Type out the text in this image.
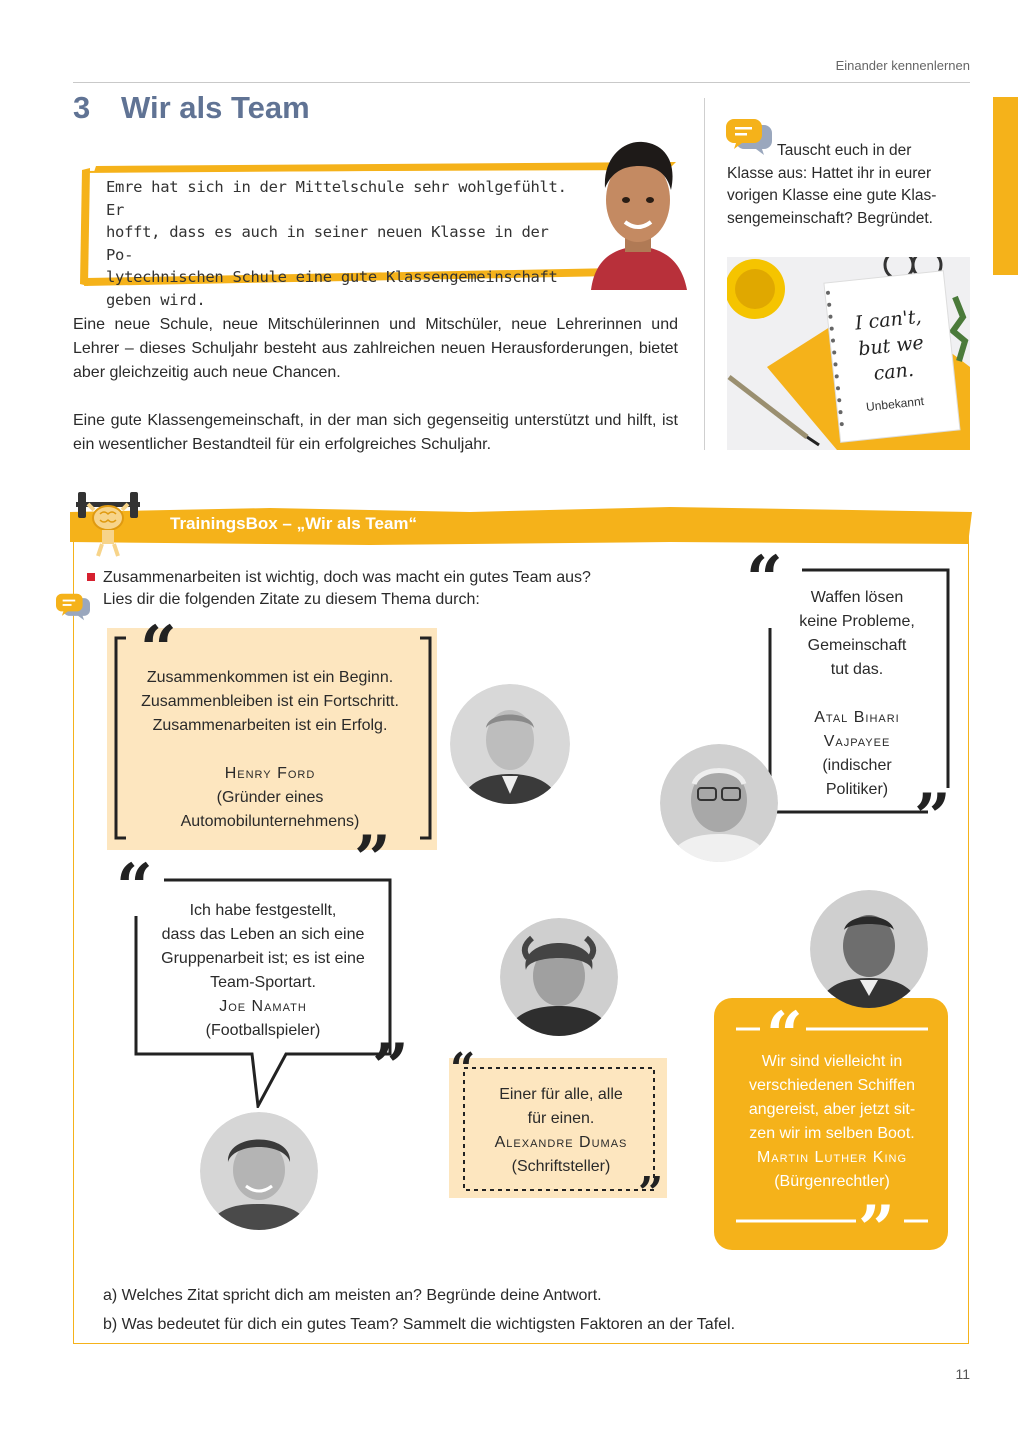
Einander kennenlernen
3 Wir als Team
Emre hat sich in der Mittelschule sehr wohlgefühlt. Er
hofft, dass es auch in seiner neuen Klasse in der Po-
lytechnischen Schule eine gute Klassengemeinschaft
geben wird.
Eine neue Schule, neue Mitschülerinnen und Mitschüler, neue Lehrerinnen und Lehrer – dieses Schuljahr besteht aus zahlreichen neuen Herausforderungen, bietet aber gleichzeitig auch neue Chancen.
Eine gute Klassengemeinschaft, in der man sich gegenseitig unterstützt und hilft, ist ein wesentlicher Bestandteil für ein erfolgreiches Schuljahr.
Tauscht euch in der
Klasse aus: Hattet ihr in eurer
vorigen Klasse eine gute Klas-
sengemeinschaft? Begründet.
I can't,
but we
can.
Unbekannt
TrainingsBox – „Wir als Team“
Zusammenarbeiten ist wichtig, doch was macht ein gutes Team aus?
Lies dir die folgenden Zitate zu diesem Thema durch:
“
”
Zusammenkommen ist ein Beginn.
Zusammenbleiben ist ein Fortschritt.
Zusammenarbeiten ist ein Erfolg.
Henry Ford
(Gründer eines
Automobilunternehmens)
“
”
Waffen lösen
keine Probleme,
Gemeinschaft
tut das.
Atal Bihari
Vajpayee
(indischer
Politiker)
“
”
Ich habe festgestellt,
dass das Leben an sich eine
Gruppenarbeit ist; es ist eine
Team-Sportart.
Joe Namath
(Footballspieler)
“
”
Einer für alle, alle
für einen.
Alexandre Dumas
(Schriftsteller)
“
”
Wir sind vielleicht in
verschiedenen Schiffen
angereist, aber jetzt sit-
zen wir im selben Boot.
Martin Luther King
(Bürgenrechtler)
a) Welches Zitat spricht dich am meisten an? Begründe deine Antwort.
b) Was bedeutet für dich ein gutes Team? Sammelt die wichtigsten Faktoren an der Tafel.
11
